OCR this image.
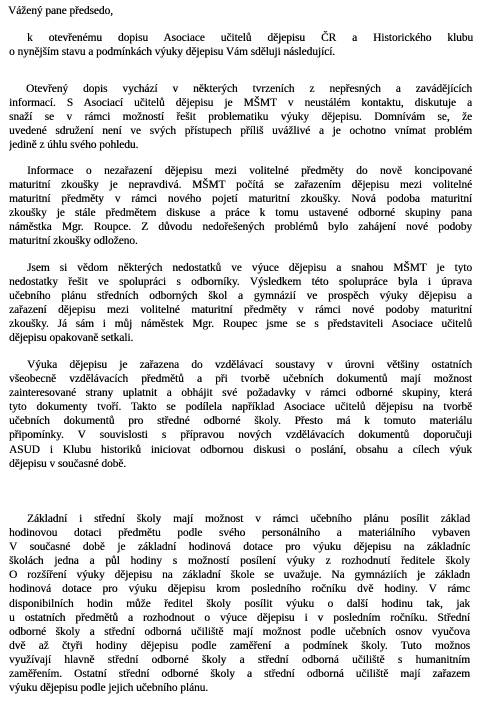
Vážený pane předsedo,
k otevřenému dopisu Asociace učitelů dějepisu ČR a Historického klubu
o nynějším stavu a podmínkách výuky dějepisu Vám sděluji následující.
Otevřený dopis vychází v některých tvrzeních z nepřesných a zavádějících
informací. S Asociací učitelů dějepisu je MŠMT v neustálém kontaktu, diskutuje a
snaží se v rámci možností řešit problematiku výuky dějepisu. Domnívám se, že
uvedené sdružení není ve svých přístupech příliš uvážlivé a je ochotno vnímat problém
jedině z úhlu svého pohledu.
Informace o nezařazení dějepisu mezi volitelné předměty do nově koncipované
maturitní zkoušky je nepravdivá. MŠMT počítá se zařazením dějepisu mezi volitelné
maturitní předměty v rámci nového pojetí maturitní zkoušky. Nová podoba maturitní
zkoušky je stále předmětem diskuse a práce k tomu ustavené odborné skupiny pana
náměstka Mgr. Roupce. Z důvodu nedořešených problémů bylo zahájení nové podoby
maturitní zkoušky odloženo.
Jsem si vědom některých nedostatků ve výuce dějepisu a snahou MŠMT je tyto
nedostatky řešit ve spolupráci s odborníky. Výsledkem této spolupráce byla i úprava
učebního plánu středních odborných škol a gymnázií ve prospěch výuky dějepisu a
zařazení dějepisu mezi volitelné maturitní předměty v rámci nové podoby maturitní
zkoušky. Já sám i můj náměstek Mgr. Roupec jsme se s představiteli Asociace učitelů
dějepisu opakovaně setkali.
Výuka dějepisu je zařazena do vzdělávací soustavy v úrovni většiny ostatních
všeobecně vzdělávacích předmětů a při tvorbě učebních dokumentů mají možnost
zainteresované strany uplatnit a obhájit své požadavky v rámci odborné skupiny, která
tyto dokumenty tvoří. Takto se podílela například Asociace učitelů dějepisu na tvorbě
učebních dokumentů pro středné odborné školy. Přesto má k tomuto materiálu
připomínky. V souvislosti s přípravou nových vzdělávacích dokumentů doporučuji
ASUD i Klubu historiků iniciovat odbornou diskusi o poslání, obsahu a cílech výuk
dějepisu v současné době.
Základní i střední školy mají možnost v rámci učebního plánu posílit základ
hodinovou dotaci předmětu podle svého personálního a materiálního vybaven
V současné době je základní hodinová dotace pro výuku dějepisu na základníc
školách jedna a půl hodiny s možností posílení výuky z rozhodnutí ředitele školy
O rozšíření výuky dějepisu na základní škole se uvažuje. Na gymnáziích je základn
hodinová dotace pro výuku dějepisu krom posledního ročníku dvě hodiny. V rámc
disponibilních hodin může ředitel školy posílit výuku o další hodinu tak, jak
u ostatních předmětů a rozhodnout o výuce dějepisu i v posledním ročníku. Střední
odborné školy a střední odborná učiliště mají možnost podle učebních osnov vyučova
dvě až čtyři hodiny dějepisu podle zaměření a podmínek školy. Tuto možnos
využívají hlavně střední odborné školy a střední odborná učiliště s humanitním
zaměřením. Ostatní střední odborné školy a střední odborná učiliště mají zařazem
výuku dějepisu podle jejich učebního plánu.
